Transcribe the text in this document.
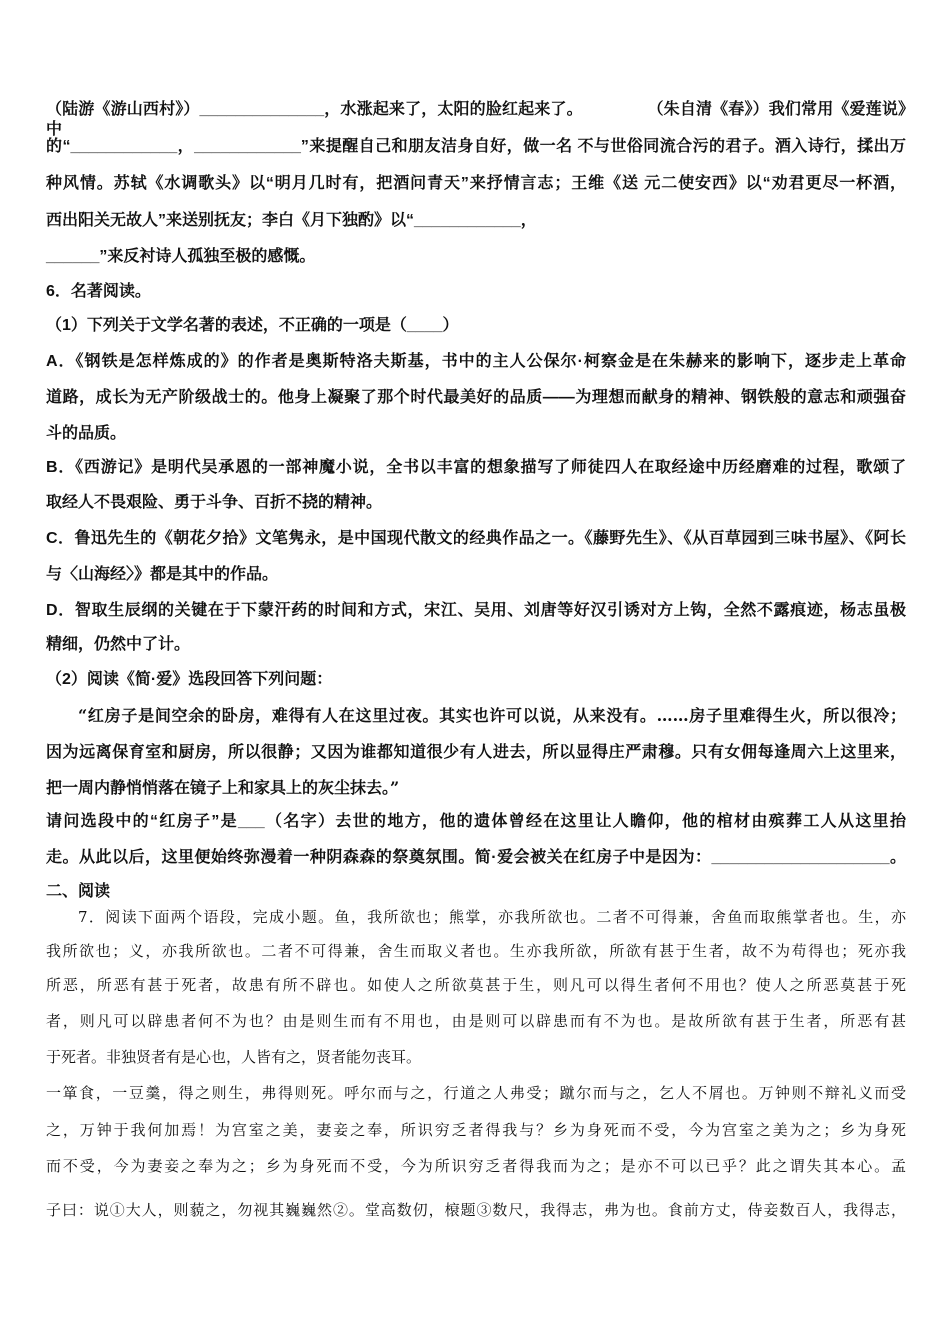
（陆游《游山西村》）______________，水涨起来了，太阳的脸红起来了。　　　　　（朱自清《春》）我们常用《爱莲说》中
的“____________，____________”来提醒自己和朋友洁身自好，做一名 不与世俗同流合污的君子。酒入诗行，揉出万
种风情。苏轼《水调歌头》以“明月几时有，把酒问青天”来抒情言志；王维《送 元二使安西》以“劝君更尽一杯酒，
西出阳关无故人”来送别抚友；李白《月下独酌》以“____________，
______”来反衬诗人孤独至极的感慨。
6．名著阅读。
（1）下列关于文学名著的表述，不正确的一项是（____）
A．《钢铁是怎样炼成的》的作者是奥斯特洛夫斯基，书中的主人公保尔·柯察金是在朱赫来的影响下，逐步走上革命
道路，成长为无产阶级战士的。他身上凝聚了那个时代最美好的品质——为理想而献身的精神、钢铁般的意志和顽强奋
斗的品质。
B．《西游记》是明代吴承恩的一部神魔小说，全书以丰富的想象描写了师徒四人在取经途中历经磨难的过程，歌颂了
取经人不畏艰险、勇于斗争、百折不挠的精神。
C．鲁迅先生的《朝花夕拾》文笔隽永，是中国现代散文的经典作品之一。《藤野先生》、《从百草园到三味书屋》、《阿长
与〈山海经〉》都是其中的作品。
D．智取生辰纲的关键在于下蒙汗药的时间和方式，宋江、吴用、刘唐等好汉引诱对方上钩，全然不露痕迹，杨志虽极
精细，仍然中了计。
（2）阅读《简·爱》选段回答下列问题：
“红房子是间空余的卧房，难得有人在这里过夜。其实也许可以说，从来没有。……房子里难得生火，所以很冷；
因为远离保育室和厨房，所以很静；又因为谁都知道很少有人进去，所以显得庄严肃穆。只有女佣每逢周六上这里来，
把一周内静悄悄落在镜子上和家具上的灰尘抹去。”
请问选段中的“红房子”是___（名字）去世的地方，他的遗体曾经在这里让人瞻仰，他的棺材由殡葬工人从这里抬
走。从此以后，这里便始终弥漫着一种阴森森的祭奠氛围。简·爱会被关在红房子中是因为：____________________。
二、阅读
7．阅读下面两个语段，完成小题。鱼，我所欲也；熊掌，亦我所欲也。二者不可得兼，舍鱼而取熊掌者也。生，亦
我所欲也；义，亦我所欲也。二者不可得兼，舍生而取义者也。生亦我所欲，所欲有甚于生者，故不为苟得也；死亦我
所恶，所恶有甚于死者，故患有所不辟也。如使人之所欲莫甚于生，则凡可以得生者何不用也？使人之所恶莫甚于死
者，则凡可以辟患者何不为也？由是则生而有不用也，由是则可以辟患而有不为也。是故所欲有甚于生者，所恶有甚
于死者。非独贤者有是心也，人皆有之，贤者能勿丧耳。
一箪食，一豆羹，得之则生，弗得则死。呼尔而与之，行道之人弗受；蹴尔而与之，乞人不屑也。万钟则不辩礼义而受
之，万钟于我何加焉！为宫室之美，妻妾之奉，所识穷乏者得我与？乡为身死而不受，今为宫室之美为之；乡为身死
而不受，今为妻妾之奉为之；乡为身死而不受，今为所识穷乏者得我而为之；是亦不可以已乎？此之谓失其本心。孟
子曰：说①大人，则藐之，勿视其巍巍然②。堂高数仞，榱题③数尺，我得志，弗为也。食前方丈，侍妾数百人，我得志，
